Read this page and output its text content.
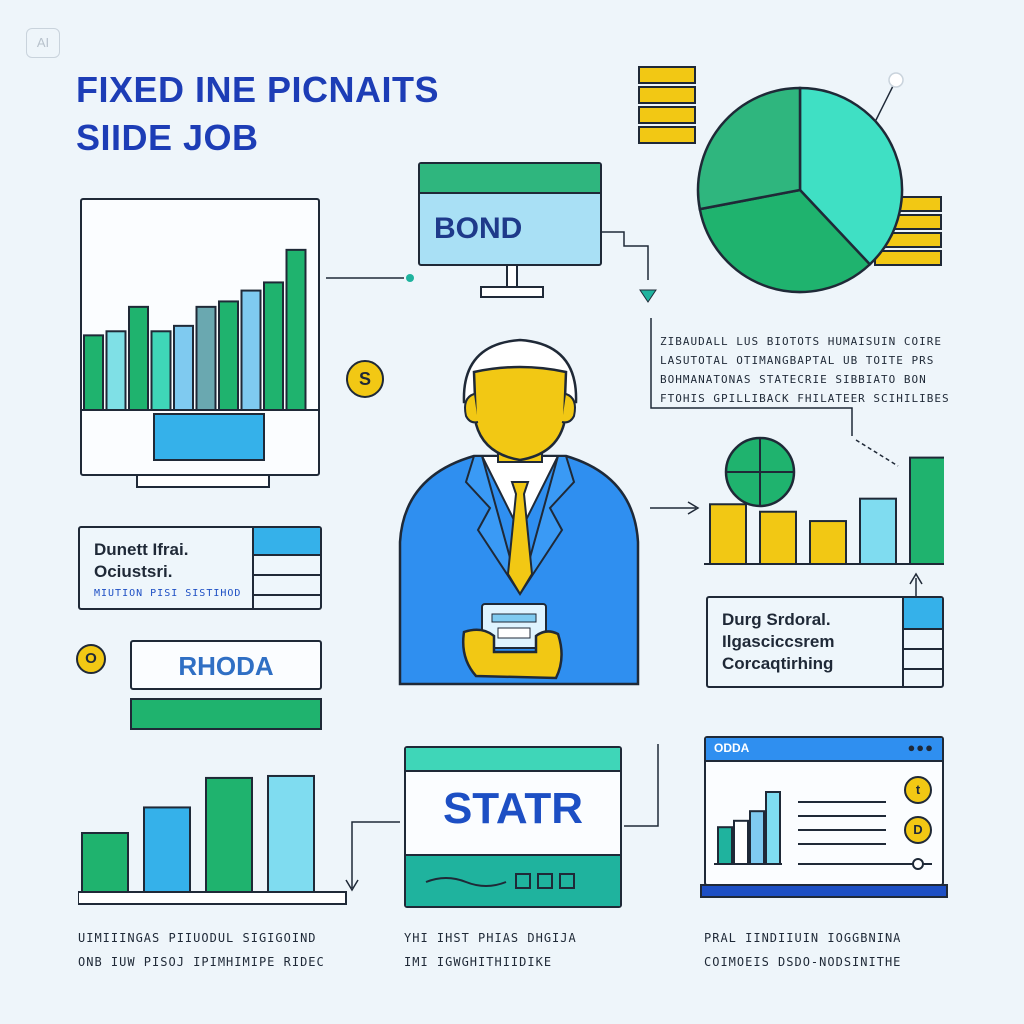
AI
FIXED INE PICNAITS
SIIDE JOB
BOND
S
ZIBAUDALL LUS BIOTOTS HUMAISUIN COIRE
LASUTOTAL OTIMANGBAPTAL UB TOITE PRS
BOHMANATONAS STATECRIE SIBBIATO BON
FTOHIS GPILLIBACK FHILATEER SCIHILIBES
Dunett Ifrai.
Ociustsri.
MIUTION PISI SISTIHOD
O	RHODA
Durg Srdoral.
Ilgasciccsrem
Corcaqtirhing
STATR
ODDA	●●●
t
D
UIMIIINGAS PIIUODUL SIGIGOIND
ONB IUW PISOJ IPIMHIMIPE RIDEC
YHI IHST PHIAS DHGIJA
IMI IGWGHITHIIDIKE
PRAL IINDIIUIN IOGGBNINA
COIMOEIS DSDO-NODSINITHE
